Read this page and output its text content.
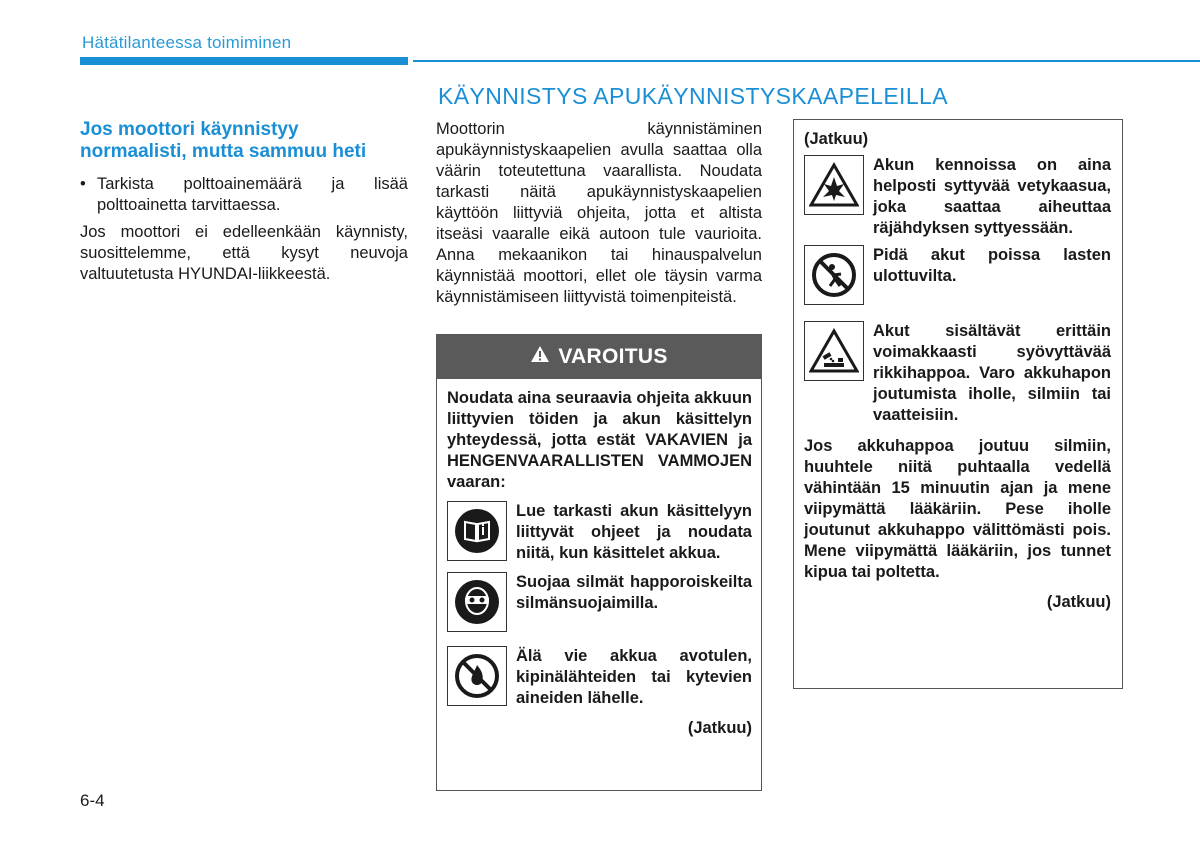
Hätätilanteessa toimiminen
KÄYNNISTYS APUKÄYNNISTYSKAAPELEILLA
Jos moottori käynnistyy normaalisti, mutta sammuu heti
• Tarkista polttoainemäärä ja lisää polttoainetta tarvittaessa.

Jos moottori ei edelleenkään käynnisty, suosittelemme, että kysyt neuvoja valtuutetusta HYUNDAI-liikkeestä.

Moottorin käynnistäminen apukäynnistyskaapelien avulla saattaa olla väärin toteutettuna vaarallista. Noudata tarkasti näitä apukäynnistyskaapelien käyttöön liittyviä ohjeita, jotta et altista itseäsi vaaralle eikä autoon tule vaurioita. Anna mekaanikon tai hinauspalvelun käynnistää moottori, ellet ole täysin varma käynnistämiseen liittyvistä toimenpiteistä.

VAROITUS

Noudata aina seuraavia ohjeita akkuun liittyvien töiden ja akun käsittelyn yhteydessä, jotta estät VAKAVIEN ja HENGENVAARALLISTEN VAMMOJEN vaaran:

Lue tarkasti akun käsittelyyn liittyvät ohjeet ja noudata niitä, kun käsittelet akkua.

Suojaa silmät happoroiskeilta silmänsuojaimilla.

Älä vie akkua avotulen, kipinälähteiden tai kytevien aineiden lähelle.

(Jatkuu)
(Jatkuu)

Akun kennoissa on aina helposti syttyvää vetykaasua, joka saattaa aiheuttaa räjähdyksen syttyessään.

Pidä akut poissa lasten ulottuvilta.

Akut sisältävät erittäin voimakkaasti syövyttävää rikkihappoa. Varo akkuhapon joutumista iholle, silmiin tai vaatteisiin.

Jos akkuhappoa joutuu silmiin, huuhtele niitä puhtaalla vedellä vähintään 15 minuutin ajan ja mene viipymättä lääkäriin. Pese iholle joutunut akkuhappo välittömästi pois. Mene viipymättä lääkäriin, jos tunnet kipua tai poltetta.

(Jatkuu)
6-4
